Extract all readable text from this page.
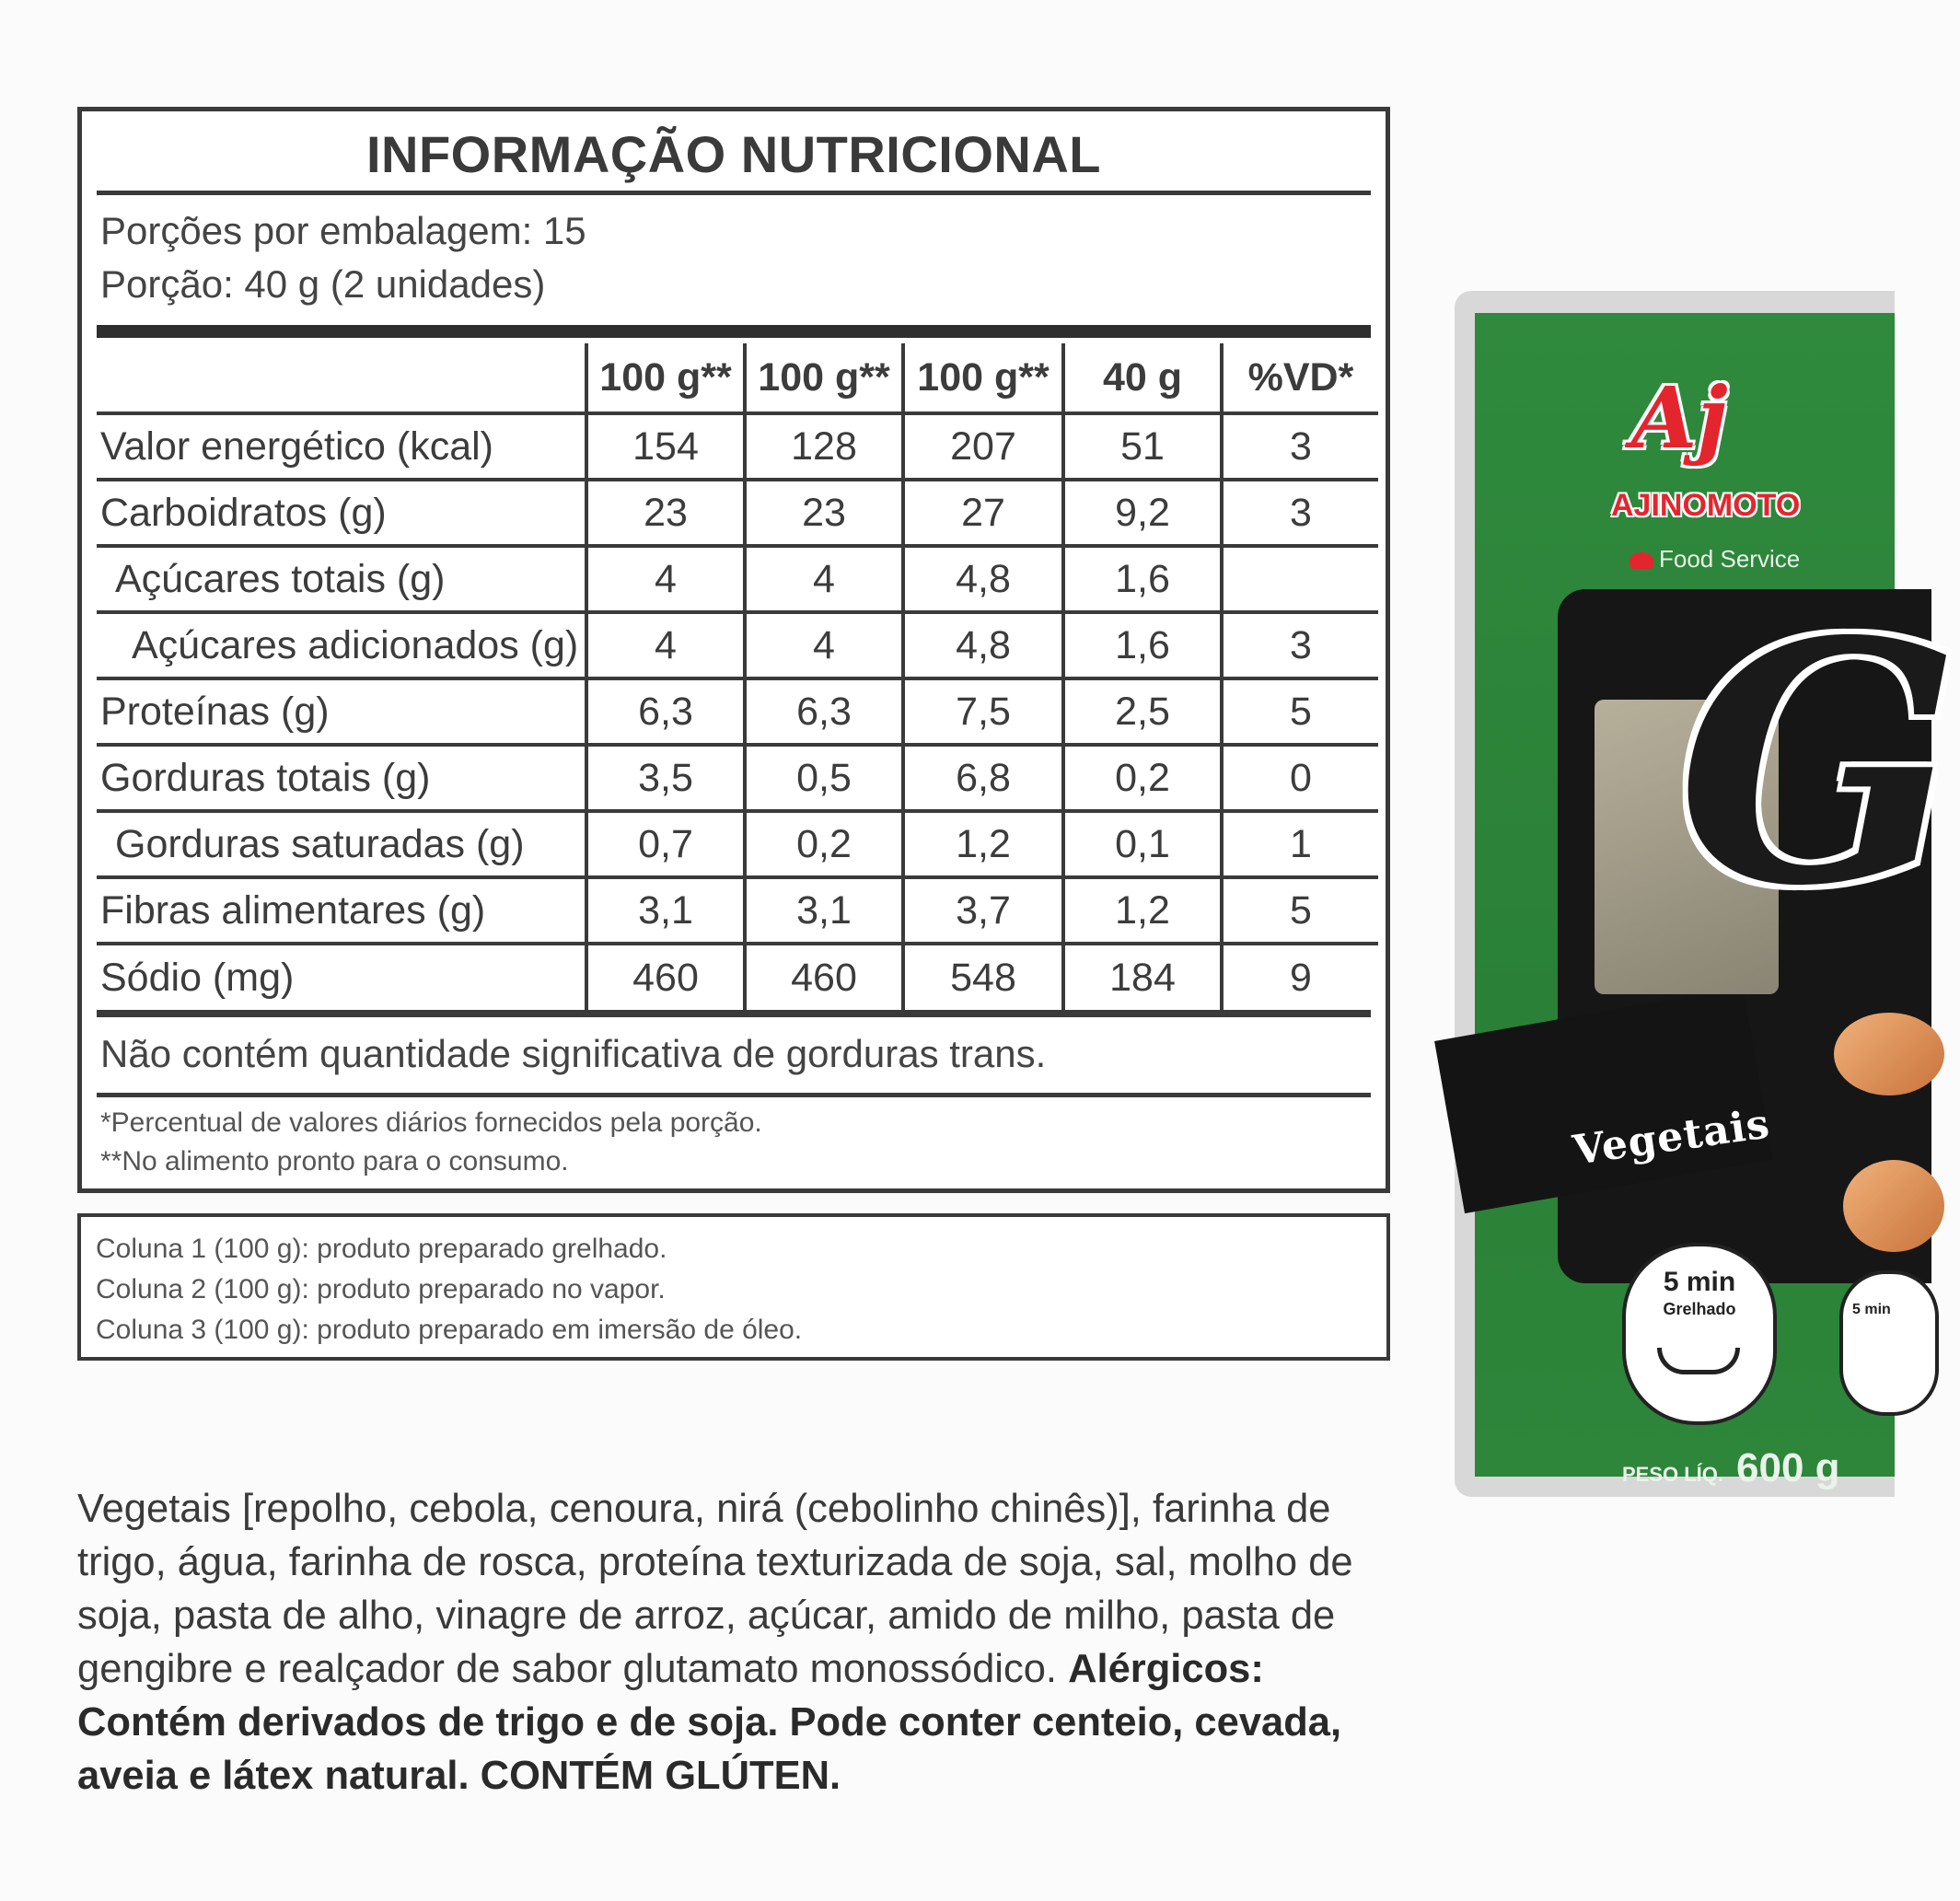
INFORMAÇÃO NUTRICIONAL
Porções por embalagem: 15
Porção: 40 g (2 unidades)
	100 g**	100 g**	100 g**	40 g	%VD*
Valor energético (kcal)	154	128	207	51	3
Carboidratos (g)	23	23	27	9,2	3
Açúcares totais (g)	4	4	4,8	1,6	
Açúcares adicionados (g)	4	4	4,8	1,6	3
Proteínas (g)	6,3	6,3	7,5	2,5	5
Gorduras totais (g)	3,5	0,5	6,8	0,2	0
Gorduras saturadas (g)	0,7	0,2	1,2	0,1	1
Fibras alimentares (g)	3,1	3,1	3,7	1,2	5
Sódio (mg)	460	460	548	184	9
Não contém quantidade significativa de gorduras trans.
*Percentual de valores diários fornecidos pela porção.
**No alimento pronto para o consumo.
Coluna 1 (100 g): produto preparado grelhado.
Coluna 2 (100 g): produto preparado no vapor.
Coluna 3 (100 g): produto preparado em imersão de óleo.
Aj
AJINOMOTO
Food Service
G
Vegetais
5 min
Grelhado	5 min
PESO LÍQ. 600 g
Vegetais [repolho, cebola, cenoura, nirá (cebolinho chinês)], farinha de trigo, água, farinha de rosca, proteína texturizada de soja, sal, molho de soja, pasta de alho, vinagre de arroz, açúcar, amido de milho, pasta de gengibre e realçador de sabor glutamato monossódico. Alérgicos: Contém derivados de trigo e de soja. Pode conter centeio, cevada, aveia e látex natural. CONTÉM GLÚTEN.
